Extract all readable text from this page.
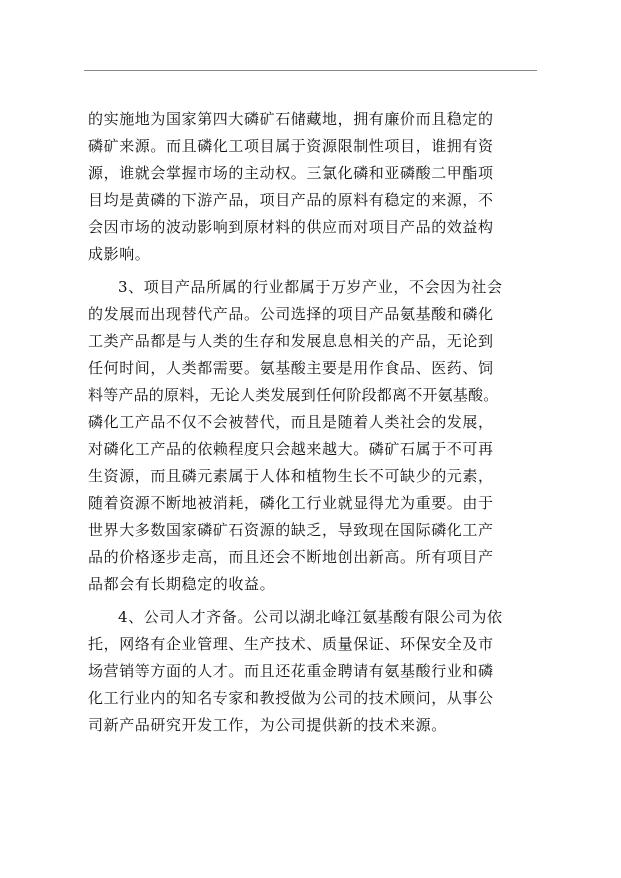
的实施地为国家第四大磷矿石储藏地，拥有廉价而且稳定的
磷矿来源。而且磷化工项目属于资源限制性项目，谁拥有资
源，谁就会掌握市场的主动权。三氯化磷和亚磷酸二甲酯项
目均是黄磷的下游产品，项目产品的原料有稳定的来源，不
会因市场的波动影响到原材料的供应而对项目产品的效益构
成影响。
3、项目产品所属的行业都属于万岁产业，不会因为社会
的发展而出现替代产品。公司选择的项目产品氨基酸和磷化
工类产品都是与人类的生存和发展息息相关的产品，无论到
任何时间，人类都需要。氨基酸主要是用作食品、医药、饲
料等产品的原料，无论人类发展到任何阶段都离不开氨基酸。
磷化工产品不仅不会被替代，而且是随着人类社会的发展，
对磷化工产品的依赖程度只会越来越大。磷矿石属于不可再
生资源，而且磷元素属于人体和植物生长不可缺少的元素，
随着资源不断地被消耗，磷化工行业就显得尤为重要。由于
世界大多数国家磷矿石资源的缺乏，导致现在国际磷化工产
品的价格逐步走高，而且还会不断地创出新高。所有项目产
品都会有长期稳定的收益。
4、公司人才齐备。公司以湖北峰江氨基酸有限公司为依
托，网络有企业管理、生产技术、质量保证、环保安全及市
场营销等方面的人才。而且还花重金聘请有氨基酸行业和磷
化工行业内的知名专家和教授做为公司的技术顾问，从事公
司新产品研究开发工作，为公司提供新的技术来源。
